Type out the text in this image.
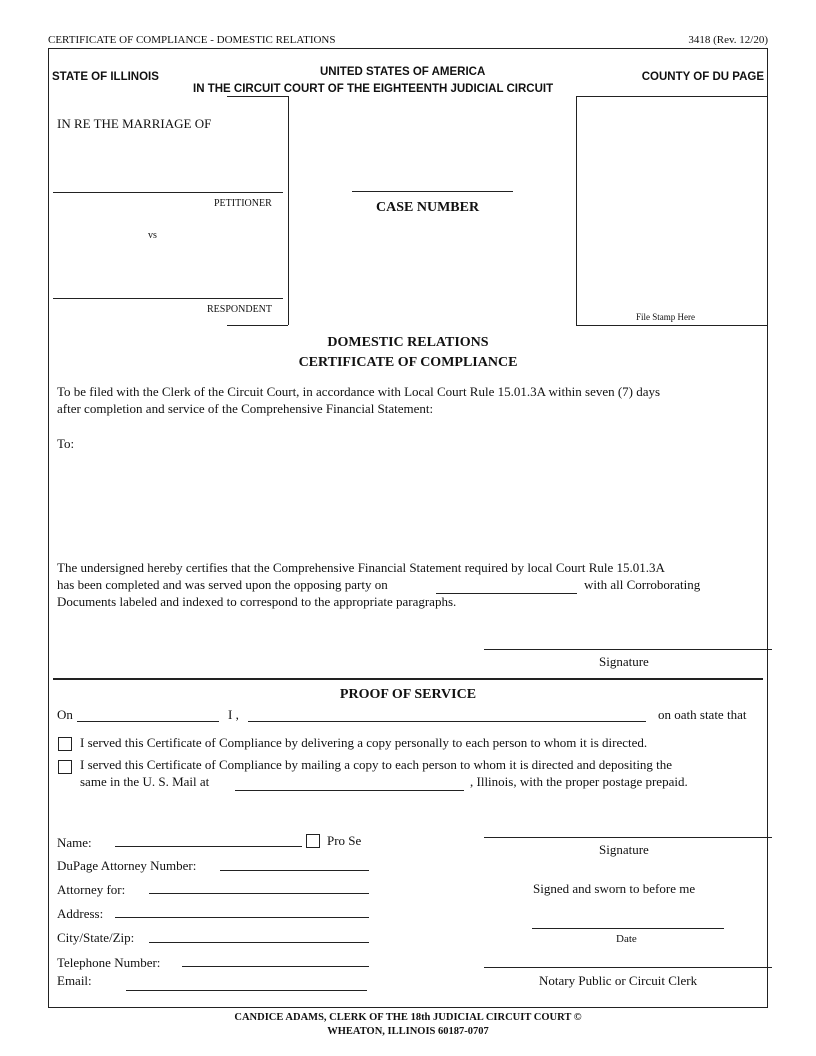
CERTIFICATE OF COMPLIANCE - DOMESTIC RELATIONS	3418 (Rev. 12/20)
STATE OF ILLINOIS	UNITED STATES OF AMERICA	COUNTY OF DU PAGE
IN THE CIRCUIT COURT OF THE EIGHTEENTH JUDICIAL CIRCUIT
IN RE THE MARRIAGE OF
PETITIONER
vs
RESPONDENT
CASE NUMBER
File Stamp Here
DOMESTIC RELATIONS
CERTIFICATE OF COMPLIANCE
To be filed with the Clerk of the Circuit Court, in accordance with Local Court Rule 15.01.3A within seven (7) days
after completion and service of the Comprehensive Financial Statement:
To:
The undersigned hereby certifies that the Comprehensive Financial Statement required by local Court Rule 15.01.3A
has been completed and was served upon the opposing party on	with all Corroborating
Documents labeled and indexed to correspond to the appropriate paragraphs.
Signature
PROOF OF SERVICE
On	I ,	on oath state that
I served this Certificate of Compliance by delivering a copy personally to each person to whom it is directed.
I served this Certificate of Compliance by mailing a copy to each person to whom it is directed and depositing the
same in the U. S. Mail at	, Illinois, with the proper postage prepaid.
Name:	Pro Se
DuPage Attorney Number:
Attorney for:
Address:
City/State/Zip:
Telephone Number:
Email:
Signature
Signed and sworn to before me
Date
Notary Public or Circuit Clerk
CANDICE ADAMS, CLERK OF THE 18th JUDICIAL CIRCUIT COURT ©
WHEATON, ILLINOIS 60187-0707
